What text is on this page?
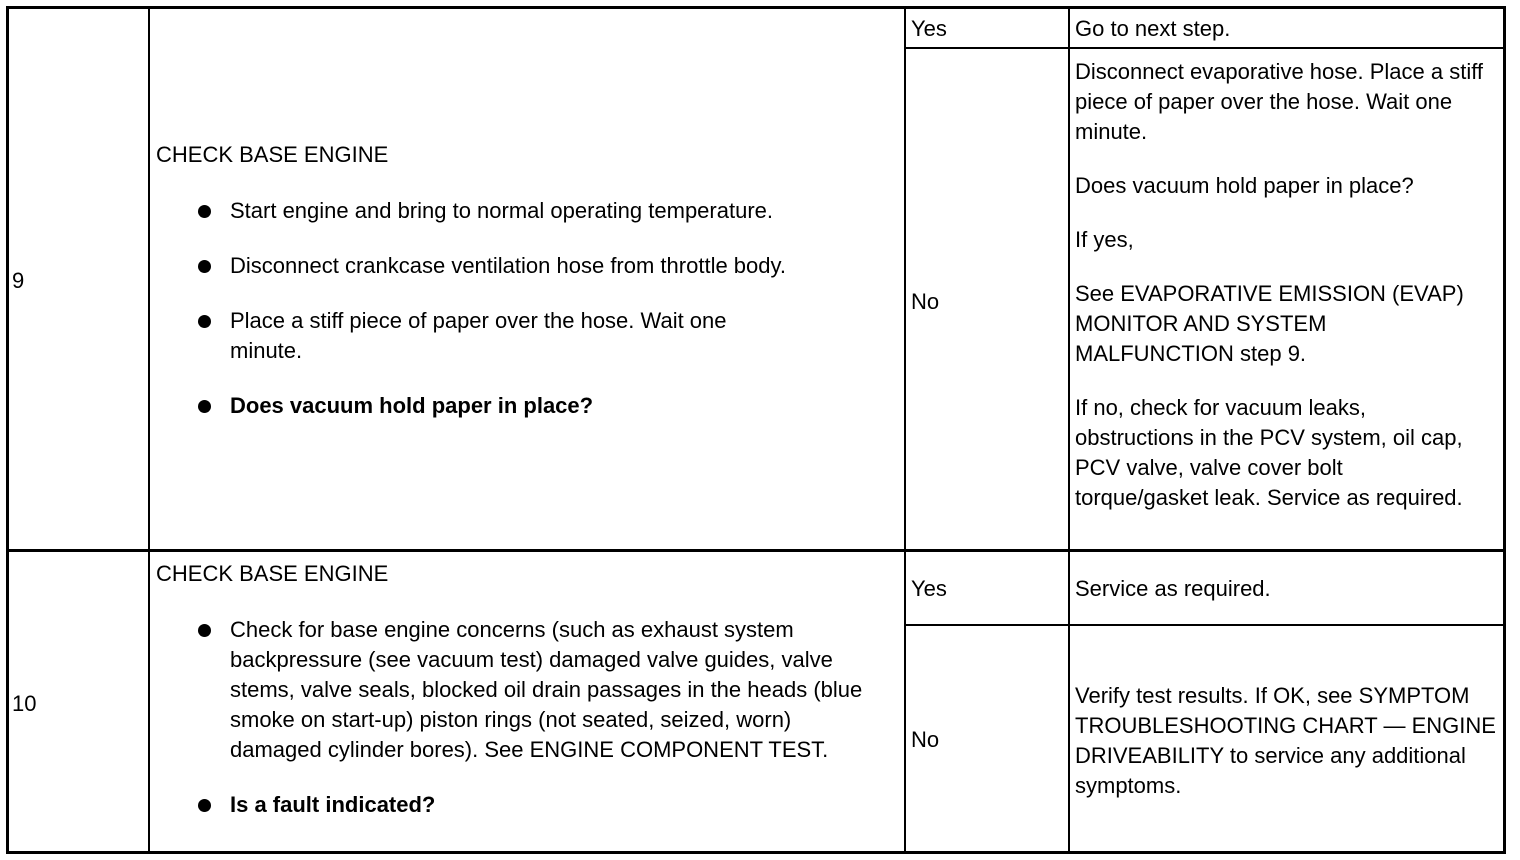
9
CHECK BASE ENGINE
Start engine and bring to normal operating temperature.
Disconnect crankcase ventilation hose from throttle body.
Place a stiff piece of paper over the hose. Wait one minute.
Does vacuum hold paper in place?
Yes	Go to next step.
No

Disconnect evaporative hose. Place a stiff piece of paper over the hose. Wait one minute.

Does vacuum hold paper in place?

If yes,

See EVAPORATIVE EMISSION (EVAP) MONITOR AND SYSTEM MALFUNCTION step 9.

If no, check for vacuum leaks, obstructions in the PCV system, oil cap, PCV valve, valve cover bolt torque/gasket leak. Service as required.

10
CHECK BASE ENGINE
Check for base engine concerns (such as exhaust system backpressure (see vacuum test) damaged valve guides, valve stems, valve seals, blocked oil drain passages in the heads (blue smoke on start-up) piston rings (not seated, seized, worn) damaged cylinder bores). See ENGINE COMPONENT TEST.
Is a fault indicated?
Yes	Service as required.
No
Verify test results. If OK, see SYMPTOM TROUBLESHOOTING CHART — ENGINE DRIVEABILITY to service any additional symptoms.
